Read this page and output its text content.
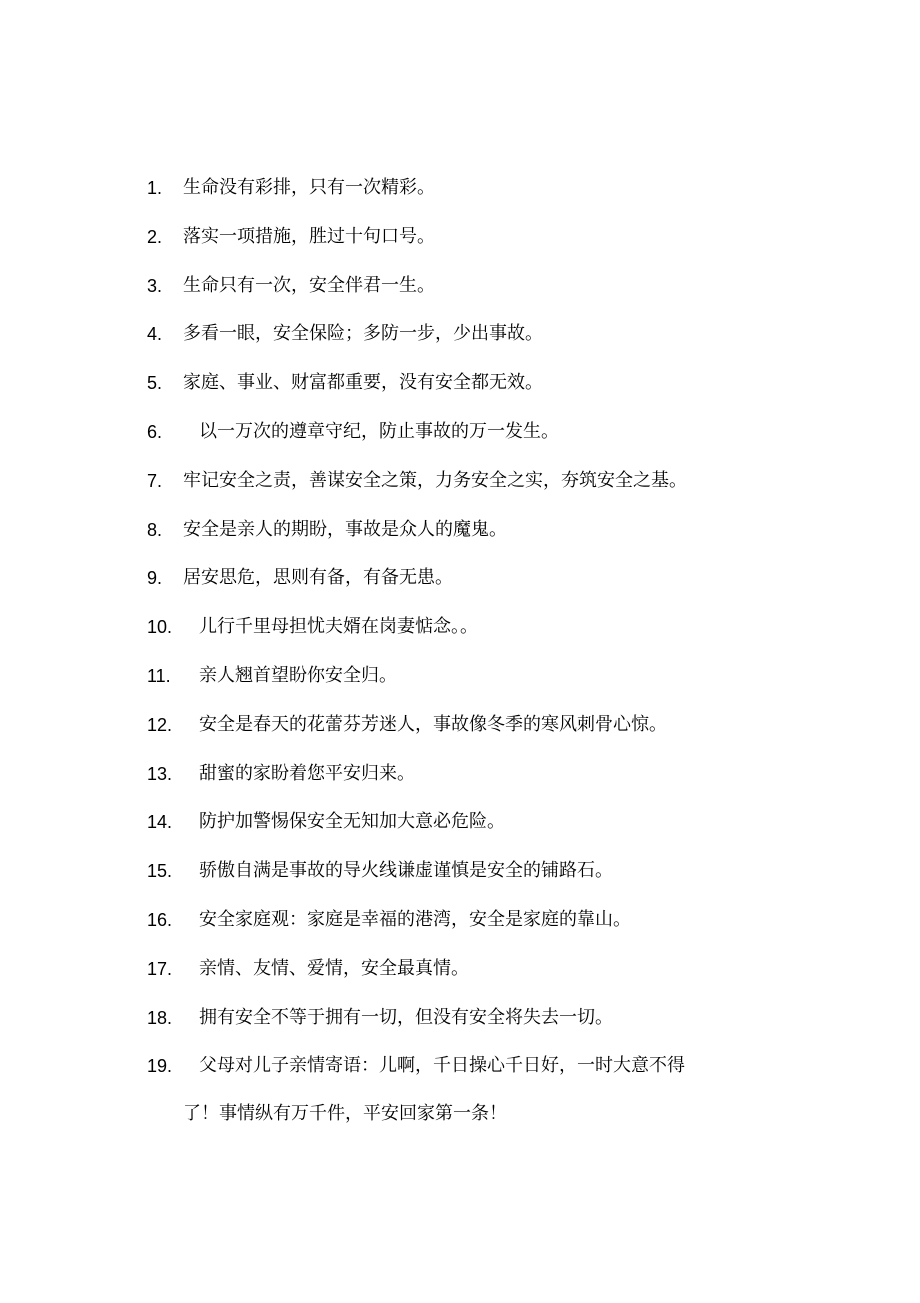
1.	生命没有彩排，只有一次精彩。
2.	落实一项措施，胜过十句口号。
3.	生命只有一次，安全伴君一生。
4.	多看一眼，安全保险；多防一步，少出事故。
5.	家庭、事业、财富都重要，没有安全都无效。
6.	以一万次的遵章守纪，防止事故的万一发生。
7.	牢记安全之责，善谋安全之策，力务安全之实，夯筑安全之基。
8.	安全是亲人的期盼，事故是众人的魔鬼。
9.	居安思危，思则有备，有备无患。
10.	儿行千里母担忧夫婿在岗妻惦念。。
11.	亲人翘首望盼你安全归。
12.	安全是春天的花蕾芬芳迷人，事故像冬季的寒风刺骨心惊。
13.	甜蜜的家盼着您平安归来。
14.	防护加警惕保安全无知加大意必危险。
15.	骄傲自满是事故的导火线谦虚谨慎是安全的铺路石。
16.	安全家庭观：家庭是幸福的港湾，安全是家庭的靠山。
17.	亲情、友情、爱情，安全最真情。
18.	拥有安全不等于拥有一切，但没有安全将失去一切。
19.	父母对儿子亲情寄语：儿啊，千日操心千日好，一时大意不得
了！事情纵有万千件，平安回家第一条！
